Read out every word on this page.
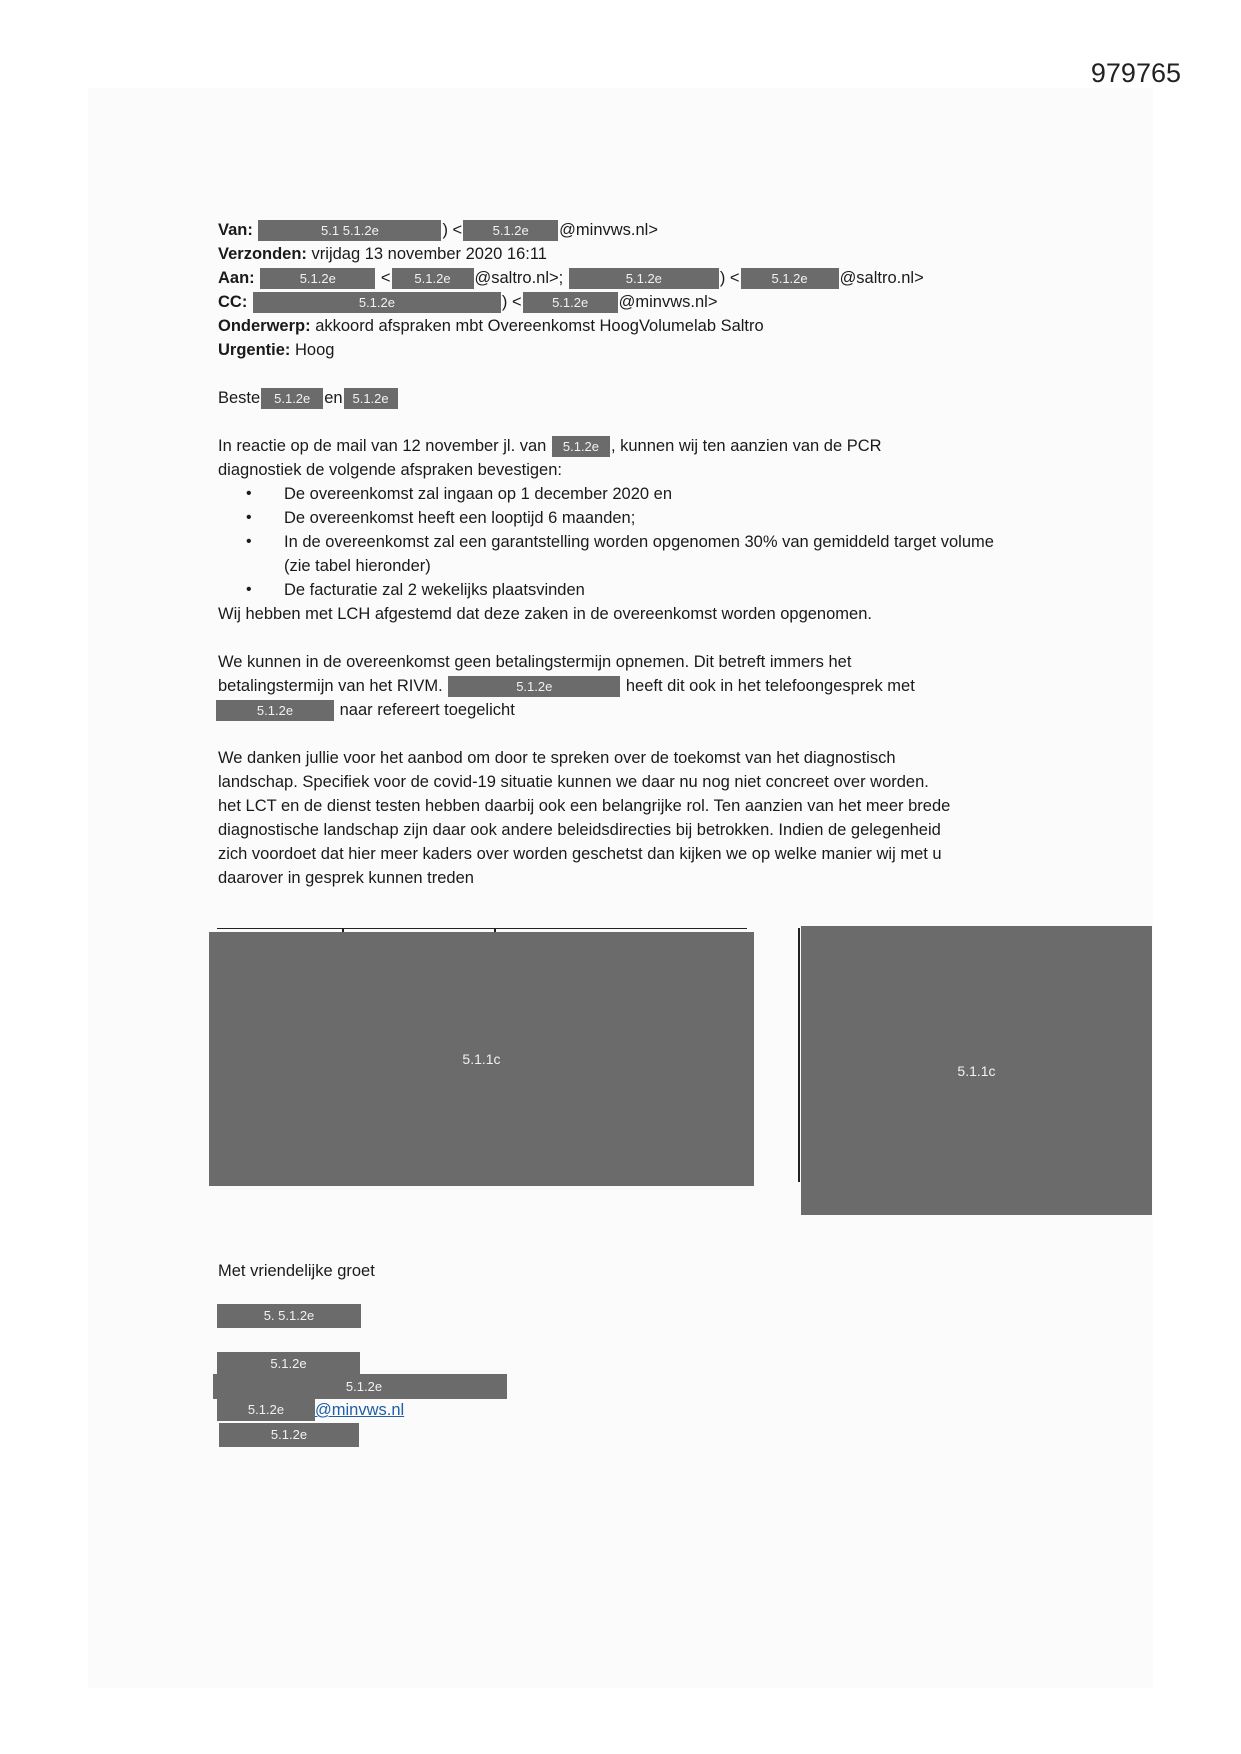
979765
Van:	5.1 5.1.2e	) < 5.1.2e @minvws.nl>
Verzonden: vrijdag 13 november 2020 16:11
Aan:	5.1.2e	< 5.1.2e @saltro.nl>;	5.1.2e	) < 5.1.2e @saltro.nl>
CC:	5.1.2e	) < 5.1.2e @minvws.nl>
Onderwerp: akkoord afspraken mbt Overeenkomst HoogVolumelab Saltro
Urgentie: Hoog
Beste 5.1.2e en 5.1.2e
In reactie op de mail van 12 november jl. van 5.1.2e , kunnen wij ten aanzien van de PCR
diagnostiek de volgende afspraken bevestigen:
• De overeenkomst zal ingaan op 1 december 2020 en
• De overeenkomst heeft een looptijd 6 maanden;
• In de overeenkomst zal een garantstelling worden opgenomen 30% van gemiddeld target volume (zie tabel hieronder)
• De facturatie zal 2 wekelijks plaatsvinden
Wij hebben met LCH afgestemd dat deze zaken in de overeenkomst worden opgenomen.
We kunnen in de overeenkomst geen betalingstermijn opnemen. Dit betreft immers het
betalingstermijn van het RIVM.	5.1.2e	heeft dit ook in het telefoongesprek met
5.1.2e	naar refereert toegelicht
We danken jullie voor het aanbod om door te spreken over de toekomst van het diagnostisch
landschap. Specifiek voor de covid-19 situatie kunnen we daar nu nog niet concreet over worden.
het LCT en de dienst testen hebben daarbij ook een belangrijke rol. Ten aanzien van het meer brede
diagnostische landschap zijn daar ook andere beleidsdirecties bij betrokken. Indien de gelegenheid
zich voordoet dat hier meer kaders over worden geschetst dan kijken we op welke manier wij met u
daarover in gesprek kunnen treden
5.1.1c
5.1.1c
Met vriendelijke groet
5. 5.1.2e
5.1.2e
5.1.2e
5.1.2e	@minvws.nl
5.1.2e
